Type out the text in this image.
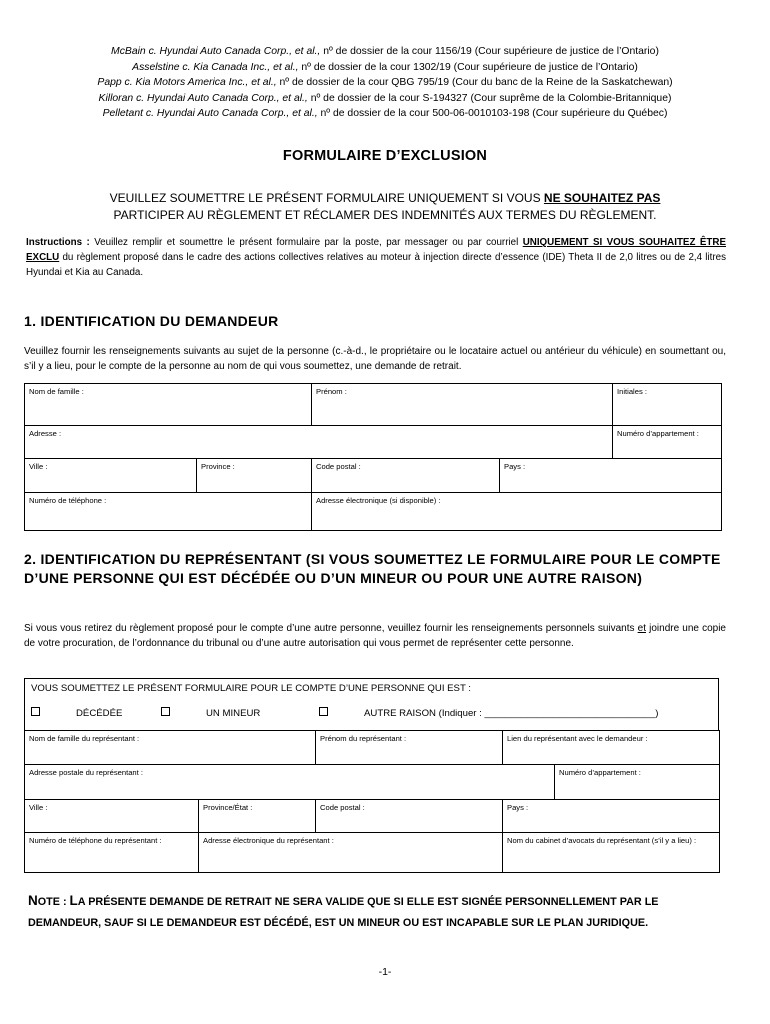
McBain c. Hyundai Auto Canada Corp., et al., nº de dossier de la cour 1156/19 (Cour supérieure de justice de l’Ontario)
Asselstine c. Kia Canada Inc., et al., nº de dossier de la cour 1302/19 (Cour supérieure de justice de l’Ontario)
Papp c. Kia Motors America Inc., et al., nº de dossier de la cour QBG 795/19 (Cour du banc de la Reine de la Saskatchewan)
Killoran c. Hyundai Auto Canada Corp., et al., nº de dossier de la cour S-194327 (Cour suprême de la Colombie-Britannique)
Pelletant c. Hyundai Auto Canada Corp., et al., nº de dossier de la cour 500-06-0010103-198 (Cour supérieure du Québec)
FORMULAIRE D’EXCLUSION
VEUILLEZ SOUMETTRE LE PRÉSENT FORMULAIRE UNIQUEMENT SI VOUS NE SOUHAITEZ PAS
PARTICIPER AU RÈGLEMENT ET RÉCLAMER DES INDEMNITÉS AUX TERMES DU RÈGLEMENT.
Instructions : Veuillez remplir et soumettre le présent formulaire par la poste, par messager ou par courriel UNIQUEMENT SI VOUS SOUHAITEZ ÊTRE EXCLU du règlement proposé dans le cadre des actions collectives relatives au moteur à injection directe d’essence (IDE) Theta II de 2,0 litres ou de 2,4 litres Hyundai et Kia au Canada.
1. IDENTIFICATION DU DEMANDEUR
Veuillez fournir les renseignements suivants au sujet de la personne (c.-à-d., le propriétaire ou le locataire actuel ou antérieur du véhicule) en soumettant ou, s’il y a lieu, pour le compte de la personne au nom de qui vous soumettez, une demande de retrait.
Nom de famille :		Prénom :		Initiales :
Adresse :				Numéro d’appartement :
Ville :	Province :	Code postal :	Pays :	
Numéro de téléphone :		Adresse électronique (si disponible) :		
2. IDENTIFICATION DU REPRÉSENTANT (SI VOUS SOUMETTEZ LE FORMULAIRE POUR LE COMPTE D’UNE PERSONNE QUI EST DÉCÉDÉE OU D’UN MINEUR OU POUR UNE AUTRE RAISON)
Si vous vous retirez du règlement proposé pour le compte d’une autre personne, veuillez fournir les renseignements personnels suivants et joindre une copie de votre procuration, de l’ordonnance du tribunal ou d’une autre autorisation qui vous permet de représenter cette personne.
VOUS SOUMETTEZ LE PRÉSENT FORMULAIRE POUR LE COMPTE D’UNE PERSONNE QUI EST :
DÉCÉDÉE	UN MINEUR	AUTRE RAISON (Indiquer : ________________________________)
Nom de famille du représentant :		Prénom du représentant :	Lien du représentant avec le demandeur :	
Adresse postale du représentant :				Numéro d’appartement :
Ville :	Province/État :	Code postal :	Pays :	
Numéro de téléphone du représentant :	Adresse électronique du représentant :		Nom du cabinet d’avocats du représentant (s’il y a lieu) :	
NOTE : LA PRÉSENTE DEMANDE DE RETRAIT NE SERA VALIDE QUE SI ELLE EST SIGNÉE PERSONNELLEMENT PAR LE DEMANDEUR, SAUF SI LE DEMANDEUR EST DÉCÉDÉ, EST UN MINEUR OU EST INCAPABLE SUR LE PLAN JURIDIQUE.
-1-
